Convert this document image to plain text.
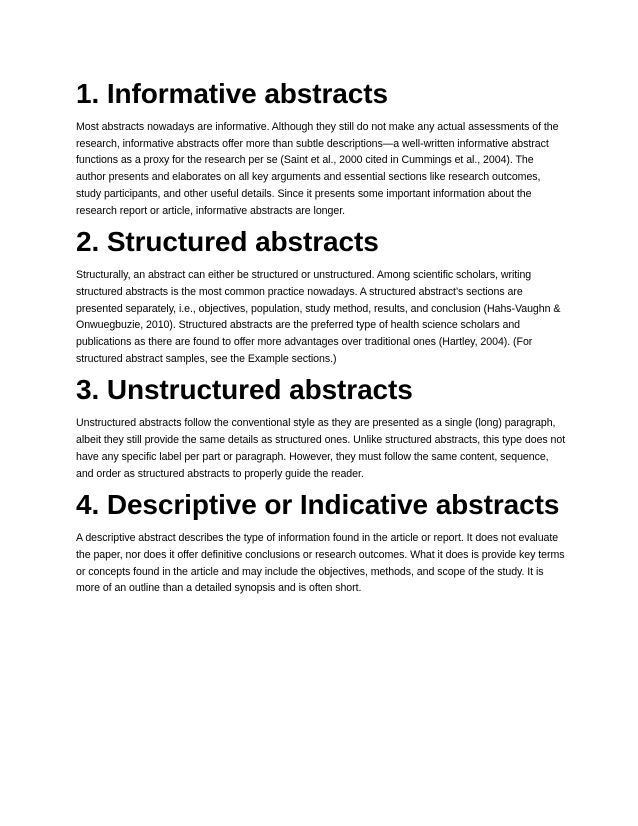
1. Informative abstracts

Most abstracts nowadays are informative. Although they still do not make any actual assessments of the research, informative abstracts offer more than subtle descriptions—a well-written informative abstract functions as a proxy for the research per se (Saint et al., 2000 cited in Cummings et al., 2004). The author presents and elaborates on all key arguments and essential sections like research outcomes, study participants, and other useful details. Since it presents some important information about the research report or article, informative abstracts are longer.

2. Structured abstracts

Structurally, an abstract can either be structured or unstructured. Among scientific scholars, writing structured abstracts is the most common practice nowadays. A structured abstract’s sections are presented separately, i.e., objectives, population, study method, results, and conclusion (Hahs-Vaughn & Onwuegbuzie, 2010). Structured abstracts are the preferred type of health science scholars and publications as there are found to offer more advantages over traditional ones (Hartley, 2004). (For structured abstract samples, see the Example sections.)

3. Unstructured abstracts

Unstructured abstracts follow the conventional style as they are presented as a single (long) paragraph, albeit they still provide the same details as structured ones. Unlike structured abstracts, this type does not have any specific label per part or paragraph. However, they must follow the same content, sequence, and order as structured abstracts to properly guide the reader.

4. Descriptive or Indicative abstracts

A descriptive abstract describes the type of information found in the article or report. It does not evaluate the paper, nor does it offer definitive conclusions or research outcomes. What it does is provide key terms or concepts found in the article and may include the objectives, methods, and scope of the study. It is more of an outline than a detailed synopsis and is often short.
